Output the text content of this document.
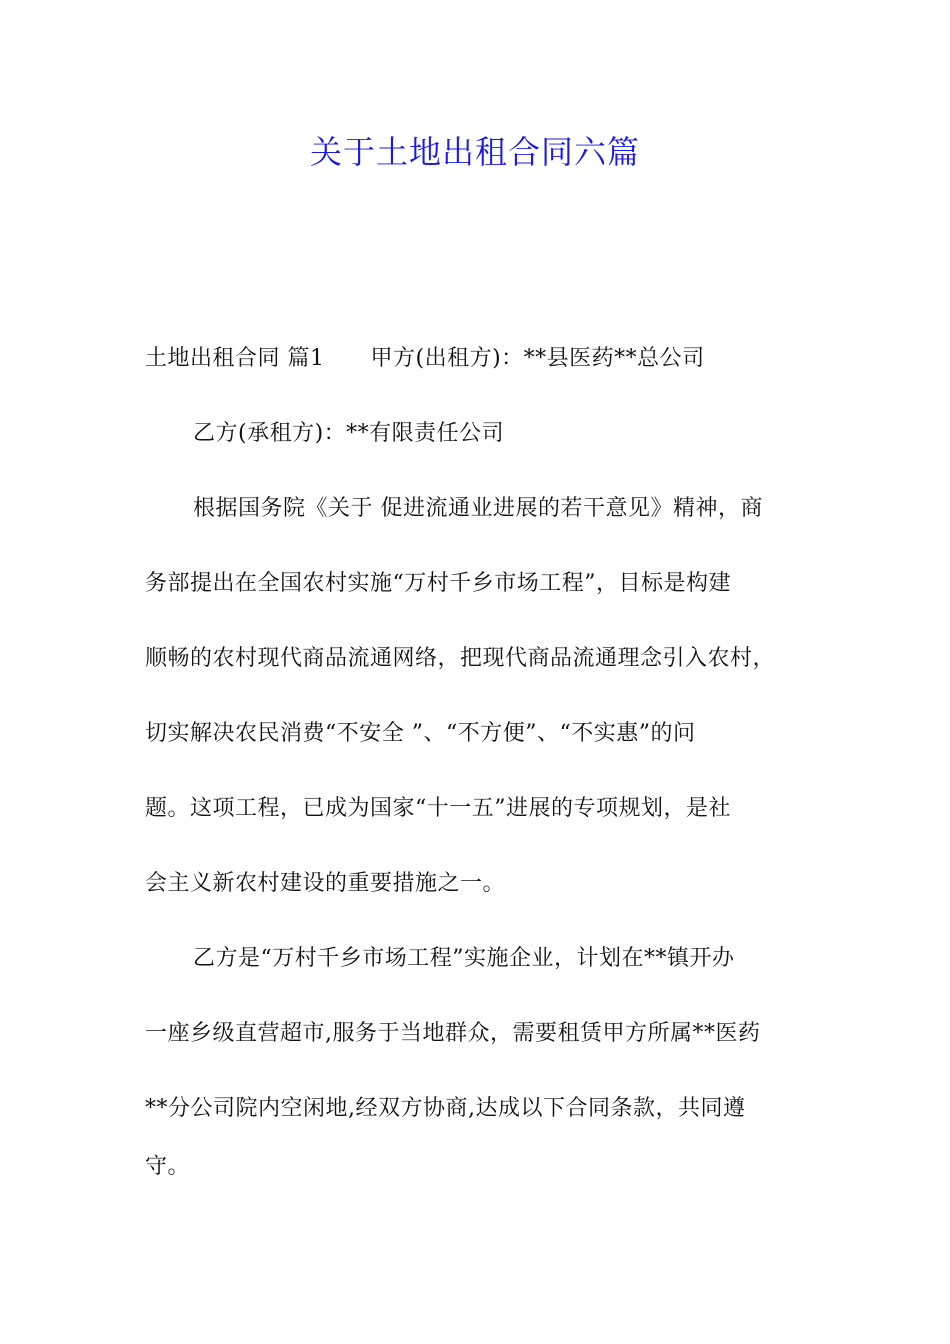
关于土地出租合同六篇
土地出租合同 篇1 甲方(出租方)：**县医药**总公司
乙方(承租方)：**有限责任公司
根据国务院《关于 促进流通业进展的若干意见》精神，商
务部提出在全国农村实施“万村千乡市场工程”，目标是构建
顺畅的农村现代商品流通网络，把现代商品流通理念引入农村，
切实解决农民消费“不安全 ”、“不方便”、“不实惠”的问
题。这项工程，已成为国家“十一五”进展的专项规划，是社
会主义新农村建设的重要措施之一。
乙方是“万村千乡市场工程”实施企业，计划在**镇开办
一座乡级直营超市,服务于当地群众，需要租赁甲方所属**医药
**分公司院内空闲地,经双方协商,达成以下合同条款，共同遵
守。
